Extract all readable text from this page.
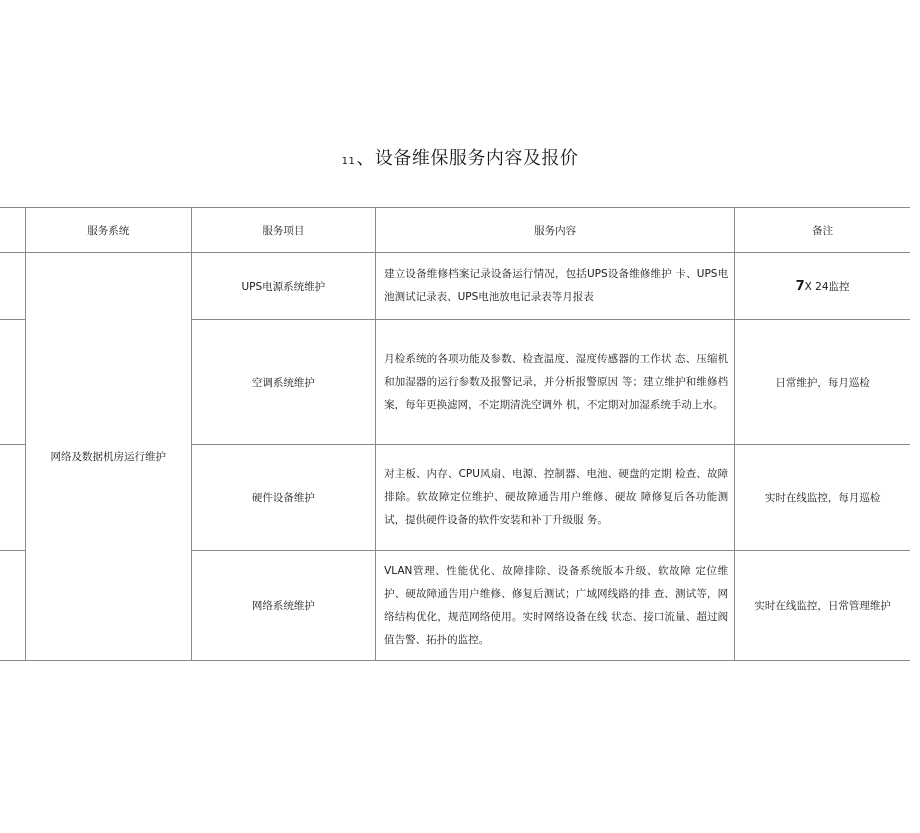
11、设备维保服务内容及报价
	服务系统	服务项目	服务内容	备注
	网络及数据机房运行维护	UPS电源系统维护	建立设备维修档案记录设备运行情况，包括UPS设备维修维护 卡、UPS电池测试记录表、UPS电池放电记录表等月报表	7X 24监控
		空调系统维护	月检系统的各项功能及参数、检查温度、湿度传感器的工作状 态、压缩机和加湿器的运行参数及报警记录，并分析报警原因 等；建立维护和维修档案，每年更换滤网，不定期清洗空调外 机，不定期对加湿系统手动上水。	日常维护，每月巡检
		硬件设备维护	对主板、内存、CPU风扇、电源、控制器、电池、硬盘的定期 检查、故障排除。软故障定位维护、硬故障通告用户维修、硬故 障修复后各功能测试，提供硬件设备的软件安装和补丁升级服 务。	实时在线监控，每月巡检
		网络系统维护	VLAN管理、性能优化、故障排除、设备系统版本升级、软故障 定位维护、硬故障通告用户维修、修复后测试；广域网线路的排 查、测试等，网络结构优化，规范网络使用。实时网络设备在线 状态、接口流量、超过阀值告警、拓扑的监控。	实时在线监控，日常管理维护
